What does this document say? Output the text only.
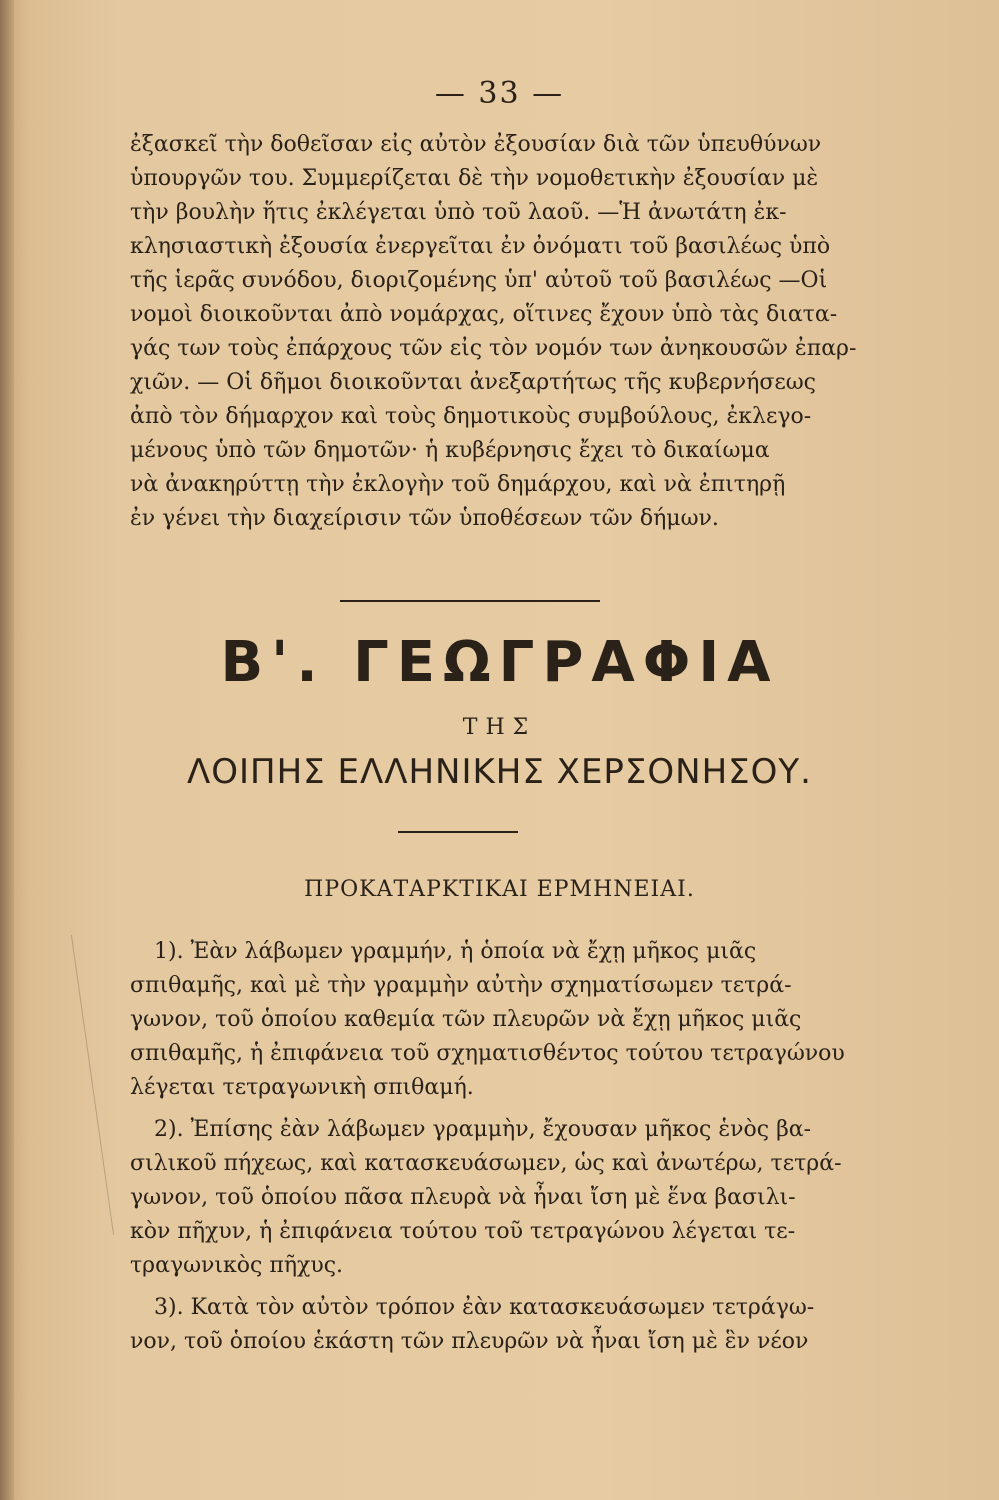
— 33 —
ἐξασκεῖ τὴν δοθεῖσαν εἰς αὐτὸν ἐξουσίαν διὰ τῶν ὑπευθύνων
ὑπουργῶν του. Συμμερίζεται δὲ τὴν νομοθετικὴν ἐξουσίαν μὲ
τὴν βουλὴν ἥτις ἐκλέγεται ὑπὸ τοῦ λαοῦ. —Ἡ ἀνωτάτη ἐκ-
κλησιαστικὴ ἐξουσία ἐνεργεῖται ἐν ὀνόματι τοῦ βασιλέως ὑπὸ
τῆς ἱερᾶς συνόδου, διοριζομένης ὑπ' αὐτοῦ τοῦ βασιλέως —Οἱ
νομοὶ διοικοῦνται ἀπὸ νομάρχας, οἵτινες ἔχουν ὑπὸ τὰς διατα-
γάς των τοὺς ἐπάρχους τῶν εἰς τὸν νομόν των ἀνηκουσῶν ἐπαρ-
χιῶν. — Οἱ δῆμοι διοικοῦνται ἀνεξαρτήτως τῆς κυβερνήσεως
ἀπὸ τὸν δήμαρχον καὶ τοὺς δημοτικοὺς συμβούλους, ἐκλεγο-
μένους ὑπὸ τῶν δημοτῶν· ἡ κυβέρνησις ἔχει τὸ δικαίωμα
νὰ ἀνακηρύττῃ τὴν ἐκλογὴν τοῦ δημάρχου, καὶ νὰ ἐπιτηρῇ
ἐν γένει τὴν διαχείρισιν τῶν ὑποθέσεων τῶν δήμων.
Β'. ΓΕΩΓΡΑΦΙΑ
ΤΗΣ
ΛΟΙΠΗΣ ΕΛΛΗΝΙΚΗΣ ΧΕΡΣΟΝΗΣΟΥ.
ΠΡΟΚΑΤΑΡΚΤΙΚΑΙ ΕΡΜΗΝΕΙΑΙ.
1). Ἐὰν λάβωμεν γραμμήν, ἡ ὁποία νὰ ἔχῃ μῆκος μιᾶς
σπιθαμῆς, καὶ μὲ τὴν γραμμὴν αὐτὴν σχηματίσωμεν τετρά-
γωνον, τοῦ ὁποίου καθεμία τῶν πλευρῶν νὰ ἔχῃ μῆκος μιᾶς
σπιθαμῆς, ἡ ἐπιφάνεια τοῦ σχηματισθέντος τούτου τετραγώνου
λέγεται τετραγωνικὴ σπιθαμή.
2). Ἐπίσης ἐὰν λάβωμεν γραμμὴν, ἔχουσαν μῆκος ἑνὸς βα-
σιλικοῦ πήχεως, καὶ κατασκευάσωμεν, ὡς καὶ ἀνωτέρω, τετρά-
γωνον, τοῦ ὁποίου πᾶσα πλευρὰ νὰ ἦναι ἴση μὲ ἕνα βασιλι-
κὸν πῆχυν, ἡ ἐπιφάνεια τούτου τοῦ τετραγώνου λέγεται τε-
τραγωνικὸς πῆχυς.
3). Κατὰ τὸν αὐτὸν τρόπον ἐὰν κατασκευάσωμεν τετράγω-
νον, τοῦ ὁποίου ἑκάστη τῶν πλευρῶν νὰ ἦναι ἴση μὲ ἓν νέον
